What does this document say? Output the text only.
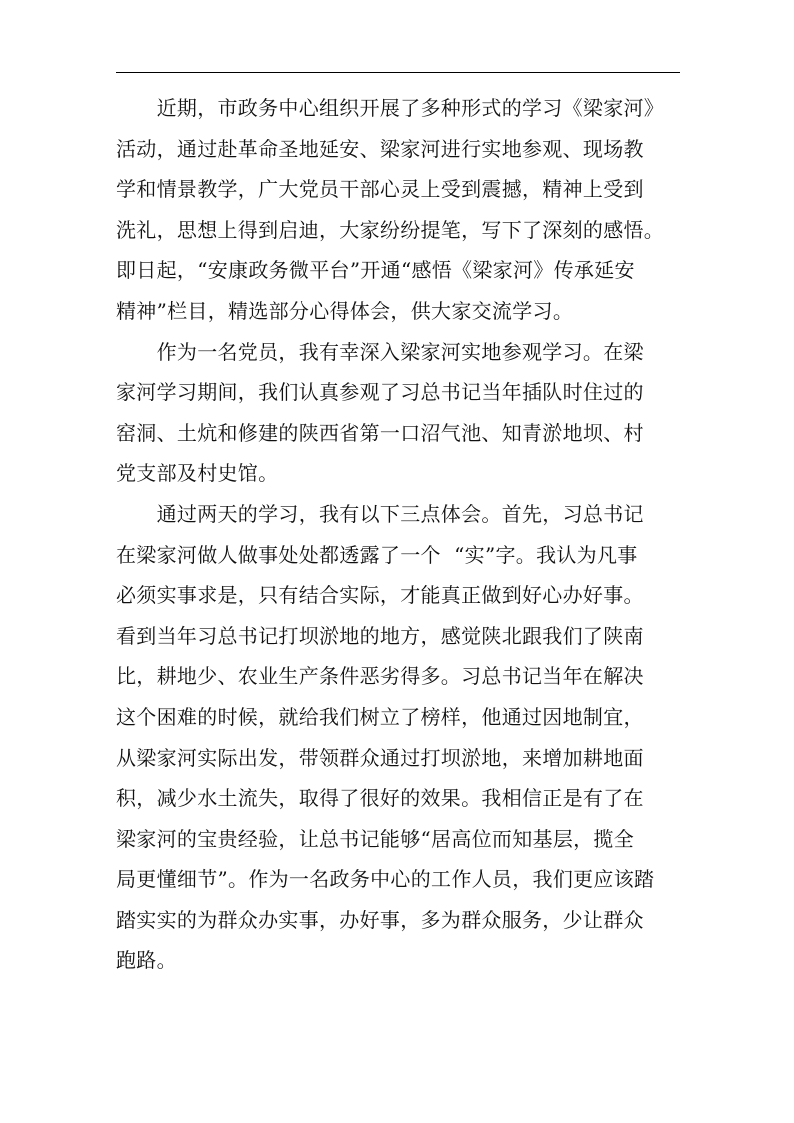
　　近期，市政务中心组织开展了多种形式的学习《梁家河》
活动，通过赴革命圣地延安、梁家河进行实地参观、现场教
学和情景教学，广大党员干部心灵上受到震撼，精神上受到
洗礼，思想上得到启迪，大家纷纷提笔，写下了深刻的感悟。
即日起，“安康政务微平台”开通“感悟《梁家河》传承延安
精神”栏目，精选部分心得体会，供大家交流学习。
　　作为一名党员，我有幸深入梁家河实地参观学习。在梁
家河学习期间，我们认真参观了习总书记当年插队时住过的
窑洞、土炕和修建的陕西省第一口沼气池、知青淤地坝、村
党支部及村史馆。
　　通过两天的学习，我有以下三点体会。首先，习总书记
在梁家河做人做事处处都透露了一个  “实”字。我认为凡事
必须实事求是，只有结合实际，才能真正做到好心办好事。
看到当年习总书记打坝淤地的地方，感觉陕北跟我们了陕南
比，耕地少、农业生产条件恶劣得多。习总书记当年在解决
这个困难的时候，就给我们树立了榜样，他通过因地制宜，
从梁家河实际出发，带领群众通过打坝淤地，来增加耕地面
积，减少水土流失，取得了很好的效果。我相信正是有了在
梁家河的宝贵经验，让总书记能够“居高位而知基层，揽全
局更懂细节”。作为一名政务中心的工作人员，我们更应该踏
踏实实的为群众办实事，办好事，多为群众服务，少让群众
跑路。
